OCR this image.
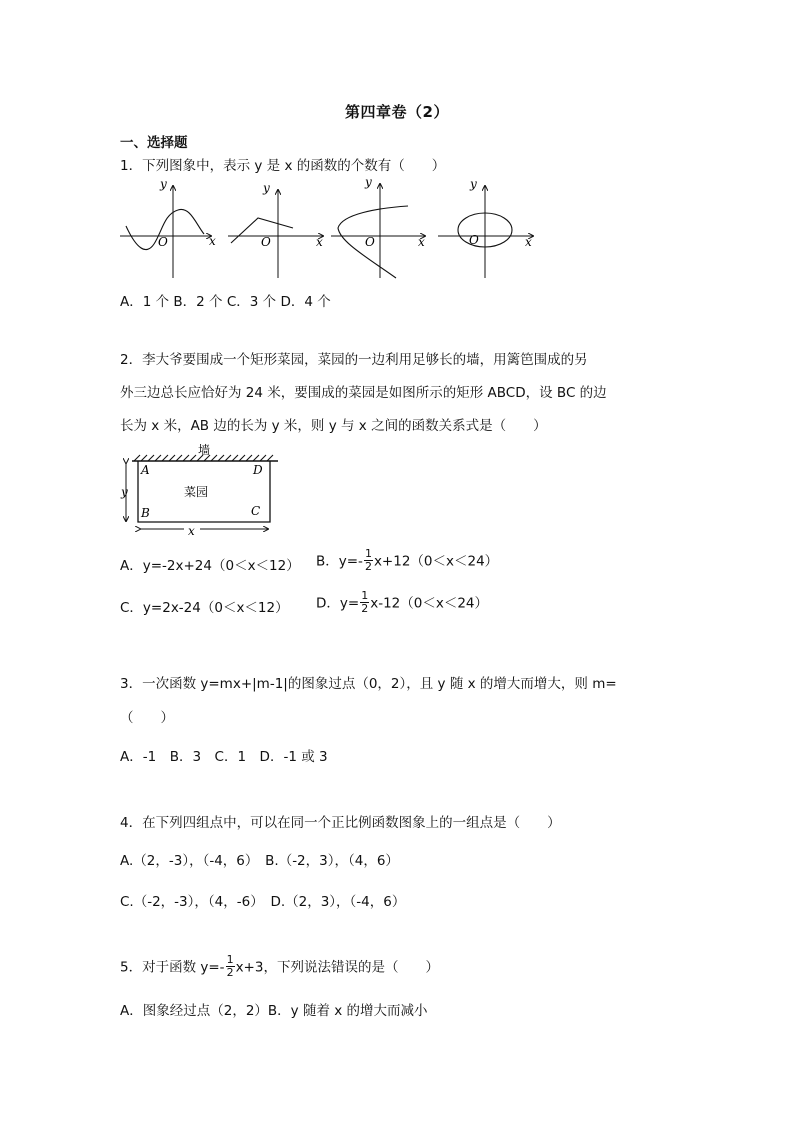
第四章卷（2）
一、选择题
1．下列图象中，表示 y 是 x 的函数的个数有（　　）
y
x
O
y
x
O
y
x
O
y
x
O
A．1 个 B．2 个 C．3 个 D．4 个
2．李大爷要围成一个矩形菜园，菜园的一边利用足够长的墙，用篱笆围成的另
外三边总长应恰好为 24 米，要围成的菜园是如图所示的矩形 ABCD，设 BC 的边
长为 x 米，AB 边的长为 y 米，则 y 与 x 之间的函数关系式是（　　）
墙
y
x
A	D
B	C
菜园
A．y=-2x+24（0＜x＜12） B．$y=- \frac{1}{2} x+12(0<x<24)$
C．y=2x-24（0＜x＜12） D．$y= \frac{1}{2} x-12(0<x<24)$
3．一次函数 y=mx+|m-1|的图象过点（0，2），且 y 随 x 的增大而增大，则 m=
（　　）
A．-1　B．3　C．1　D．-1 或 3
4．在下列四组点中，可以在同一个正比例函数图象上的一组点是（　　）
A.（2，-3），（-4，6）　B.（-2，3），（4，6）
C.（-2，-3），（4，-6）　D.（2，3），（-4，6）
5．对于函数 $y=- \frac{1}{2} x+3$，下列说法错误的是（　　）
A．图象经过点（2，2）B．y 随着 x 的增大而减小
